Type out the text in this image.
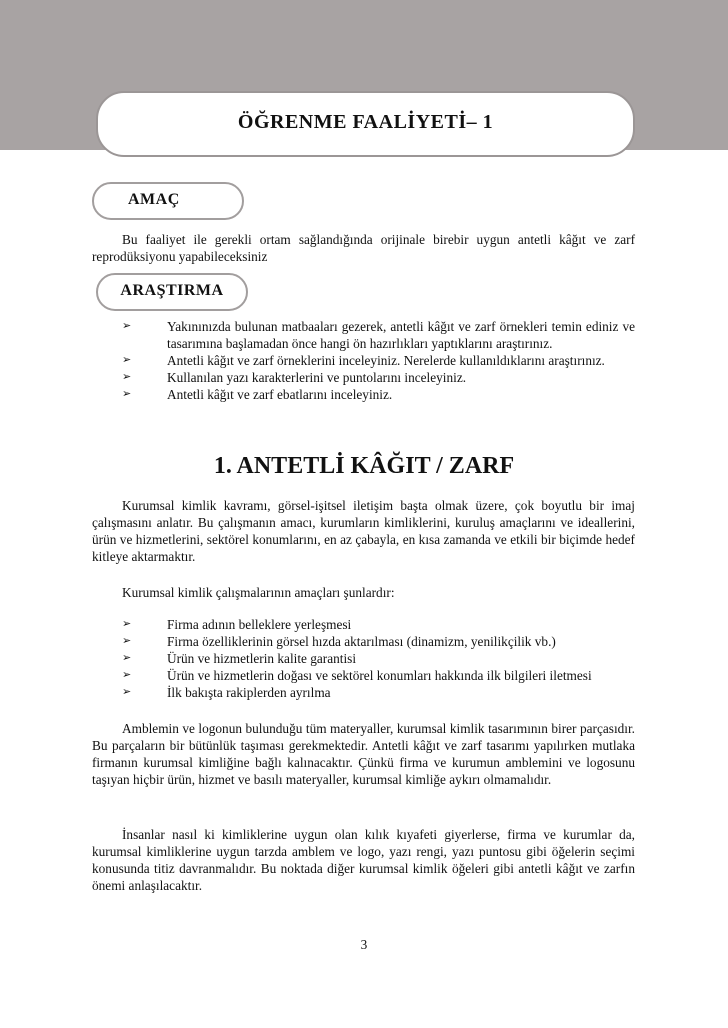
ÖĞRENME FAALİYETİ– 1
AMAÇ
Bu faaliyet ile gerekli ortam sağlandığında orijinale birebir uygun antetli kâğıt ve zarf reprodüksiyonu yapabileceksiniz
ARAŞTIRMA
➢	Yakınınızda bulunan matbaaları gezerek, antetli kâğıt ve zarf örnekleri temin ediniz ve tasarımına başlamadan önce hangi ön hazırlıkları yaptıklarını araştırınız.
➢	Antetli kâğıt ve zarf örneklerini inceleyiniz. Nerelerde kullanıldıklarını araştırınız.
➢	Kullanılan yazı karakterlerini ve puntolarını inceleyiniz.
➢	Antetli kâğıt ve zarf ebatlarını inceleyiniz.
1. ANTETLİ KÂĞIT / ZARF
Kurumsal kimlik kavramı, görsel-işitsel iletişim başta olmak üzere, çok boyutlu bir imaj çalışmasını anlatır. Bu çalışmanın amacı, kurumların kimliklerini, kuruluş amaçlarını ve ideallerini, ürün ve hizmetlerini, sektörel konumlarını, en az çabayla, en kısa zamanda ve etkili bir biçimde hedef kitleye aktarmaktır.
Kurumsal kimlik çalışmalarının amaçları şunlardır:
➢	Firma adının belleklere yerleşmesi
➢	Firma özelliklerinin görsel hızda aktarılması (dinamizm, yenilikçilik vb.)
➢	Ürün ve hizmetlerin kalite garantisi
➢	Ürün ve hizmetlerin doğası ve sektörel konumları hakkında ilk bilgileri iletmesi
➢	İlk bakışta rakiplerden ayrılma
Amblemin ve logonun bulunduğu tüm materyaller, kurumsal kimlik tasarımının birer parçasıdır. Bu parçaların bir bütünlük taşıması gerekmektedir. Antetli kâğıt ve zarf tasarımı yapılırken mutlaka firmanın kurumsal kimliğine bağlı kalınacaktır. Çünkü firma ve kurumun amblemini ve logosunu taşıyan hiçbir ürün, hizmet ve basılı materyaller, kurumsal kimliğe aykırı olmamalıdır.
İnsanlar nasıl ki kimliklerine uygun olan kılık kıyafeti giyerlerse, firma ve kurumlar da, kurumsal kimliklerine uygun tarzda amblem ve logo, yazı rengi, yazı puntosu gibi öğelerin seçimi konusunda titiz davranmalıdır. Bu noktada diğer kurumsal kimlik öğeleri gibi antetli kâğıt ve zarfın önemi anlaşılacaktır.
3
